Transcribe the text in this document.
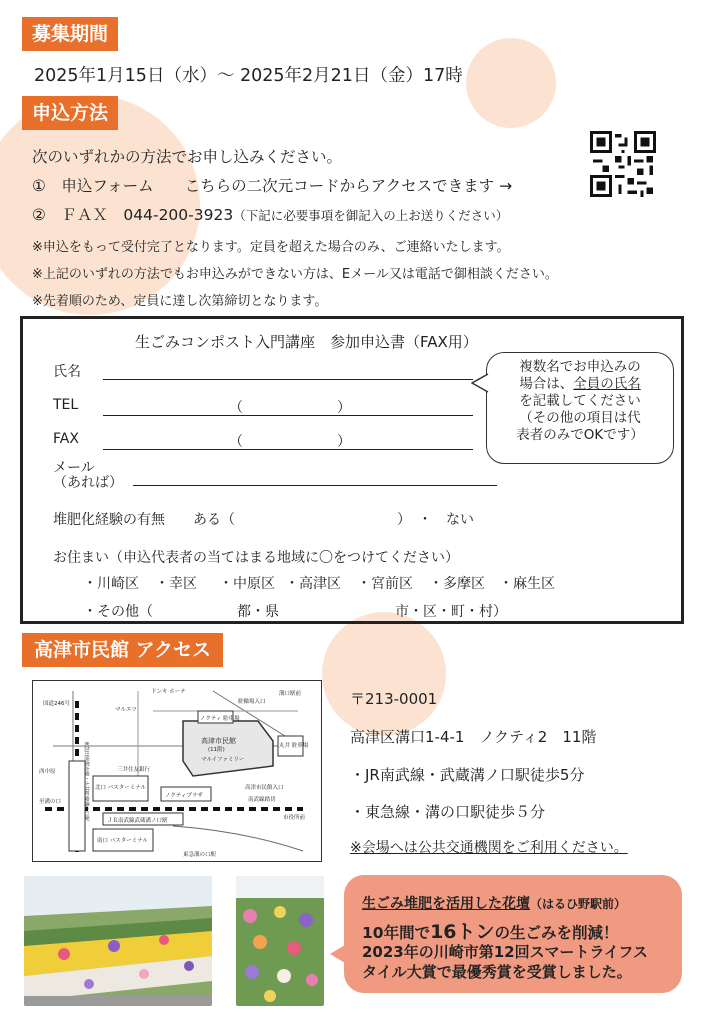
募集期間
2025年1月15日（水）～ 2025年2月21日（金）17時
申込方法
次のいずれかの方法でお申し込みください。
①　申込フォーム　　こちらの二次元コードからアクセスできます →
②　ＦＡＸ　044-200-3923（下記に必要事項を御記入の上お送りください）
※申込をもって受付完了となります。定員を超えた場合のみ、ご連絡いたします。
※上記のいずれの方法でもお申込みができない方は、Eメール又は電話で御相談ください。
※先着順のため、定員に達し次第締切となります。
生ごみコンポスト入門講座　参加申込書（FAX用）
氏名
TEL	（	）
FAX	（	）
メール
（あれば）
堆肥化経験の有無　　ある（	）　・　ない
お住まい（申込代表者の当てはまる地域に〇をつけてください）
・川崎区 ・幸区 ・中原区 ・高津区 ・宮前区 ・多摩区 ・麻生区
・その他（	都・県	市・区・町・村）
複数名でお申込みの
場合は、全員の氏名
を記載してください
（その他の項目は代
表者のみでOKです）
高津市民館 アクセス
〒213-0001
高津区溝口1-4-1　ノクティ2　11階
・JR南武線・武蔵溝ノ口駅徒歩5分
・東急線・溝の口駅徒歩５分
※会場へは公共交通機関をご利用ください。
ドンキ ホーテ
マルエツ
ノクティ 駐車場
駐輪場入口
高津市民館
(11階)
マルイファミリー
丸井 駐車場
三井住友銀行
北口 バスターミナル
ノクティプラザ
高津市民館入口
ＪＲ南武線武蔵溝ノ口駅
南口 バスターミナル
東急溝の口駅
南武線踏切
国道246号
西中原
市役所前
溝口駅前
至溝の口	東急田園都市線・大井町線溝の口駅
生ごみ堆肥を活用した花壇（はるひ野駅前）
10年間で16トンの生ごみを削減！
2023年の川崎市第12回スマートライフス
タイル大賞で最優秀賞を受賞しました。
